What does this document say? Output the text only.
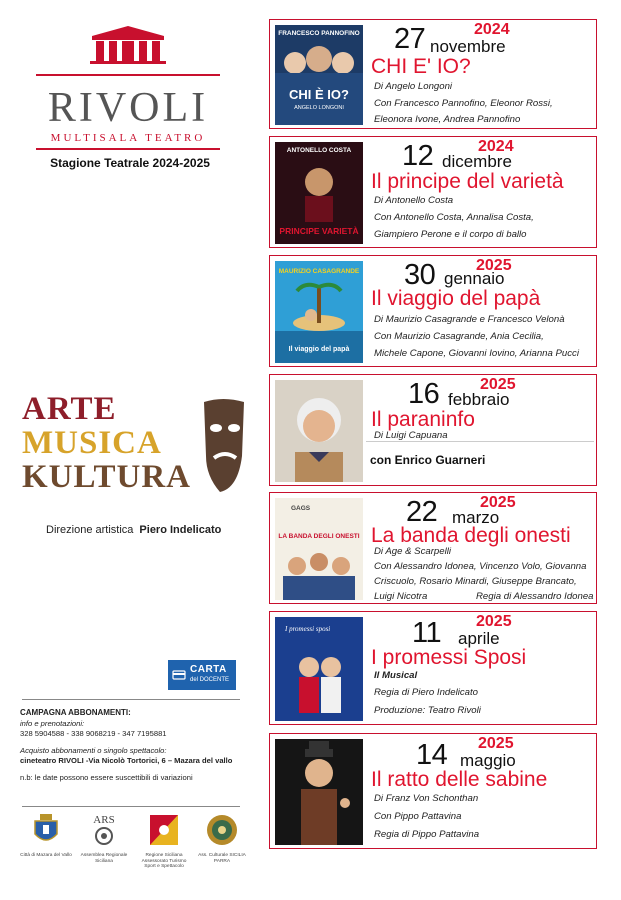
RIVOLI
MULTISALA TEATRO
Stagione Teatrale 2024-2025
ARTE
MUSICA
KULTURA
Direzione artistica Piero Indelicato
CARTA
del DOCENTE
CAMPAGNA ABBONAMENTI:
info e prenotazioni:
328 5904588 - 338 9068219 - 347 7195881
Acquisto abbonamenti o singolo spettacolo:
cineteatro RIVOLI -Via Nicolò Tortorici, 6 – Mazara del vallo
n.b: le date possono essere suscettibili di variazioni
Città di Mazara del Vallo
ARS
Assemblea Regionale Siciliana
Regione Siciliana Assessorato Turismo Sport e Spettacolo
Ass. Culturale SICILIA PARRA
FRANCESCO PANNOFINO
CHI È IO?
ANGELO LONGONI
27	2024
novembre
CHI E' IO?
Di Angelo Longoni
Con Francesco Pannofino, Eleonor Rossi,
Eleonora Ivone, Andrea Pannofino
ANTONELLO COSTA
PRINCIPE VARIETÀ
12	2024
dicembre
Il principe del varietà
Di Antonello Costa
Con Antonello Costa, Annalisa Costa,
Giampiero Perone e il corpo di ballo
MAURIZIO CASAGRANDE
Il viaggio del papà
30	2025
gennaio
Il viaggio del papà
Di Maurizio Casagrande e Francesco Velonà
Con Maurizio Casagrande, Ania Cecilia,
Michele Capone, Giovanni Iovino, Arianna Pucci
16	2025
febbraio
Il paraninfo
Di Luigi Capuana
con Enrico Guarneri
GAGS
LA BANDA DEGLI ONESTI
22	2025
marzo
La banda degli onesti
Di Age & Scarpelli
Con Alessandro Idonea, Vincenzo Volo, Giovanna
Criscuolo, Rosario Minardi, Giuseppe Brancato,
Luigi Nicotra	Regia di Alessandro Idonea
I promessi sposi	11 2025
aprile
I promessi Sposi
Il Musical
Regia di Piero Indelicato
Produzione: Teatro Rivoli
14 2025
maggio
Il ratto delle sabine
Di Franz Von Schonthan
Con Pippo Pattavina
Regia di Pippo Pattavina
